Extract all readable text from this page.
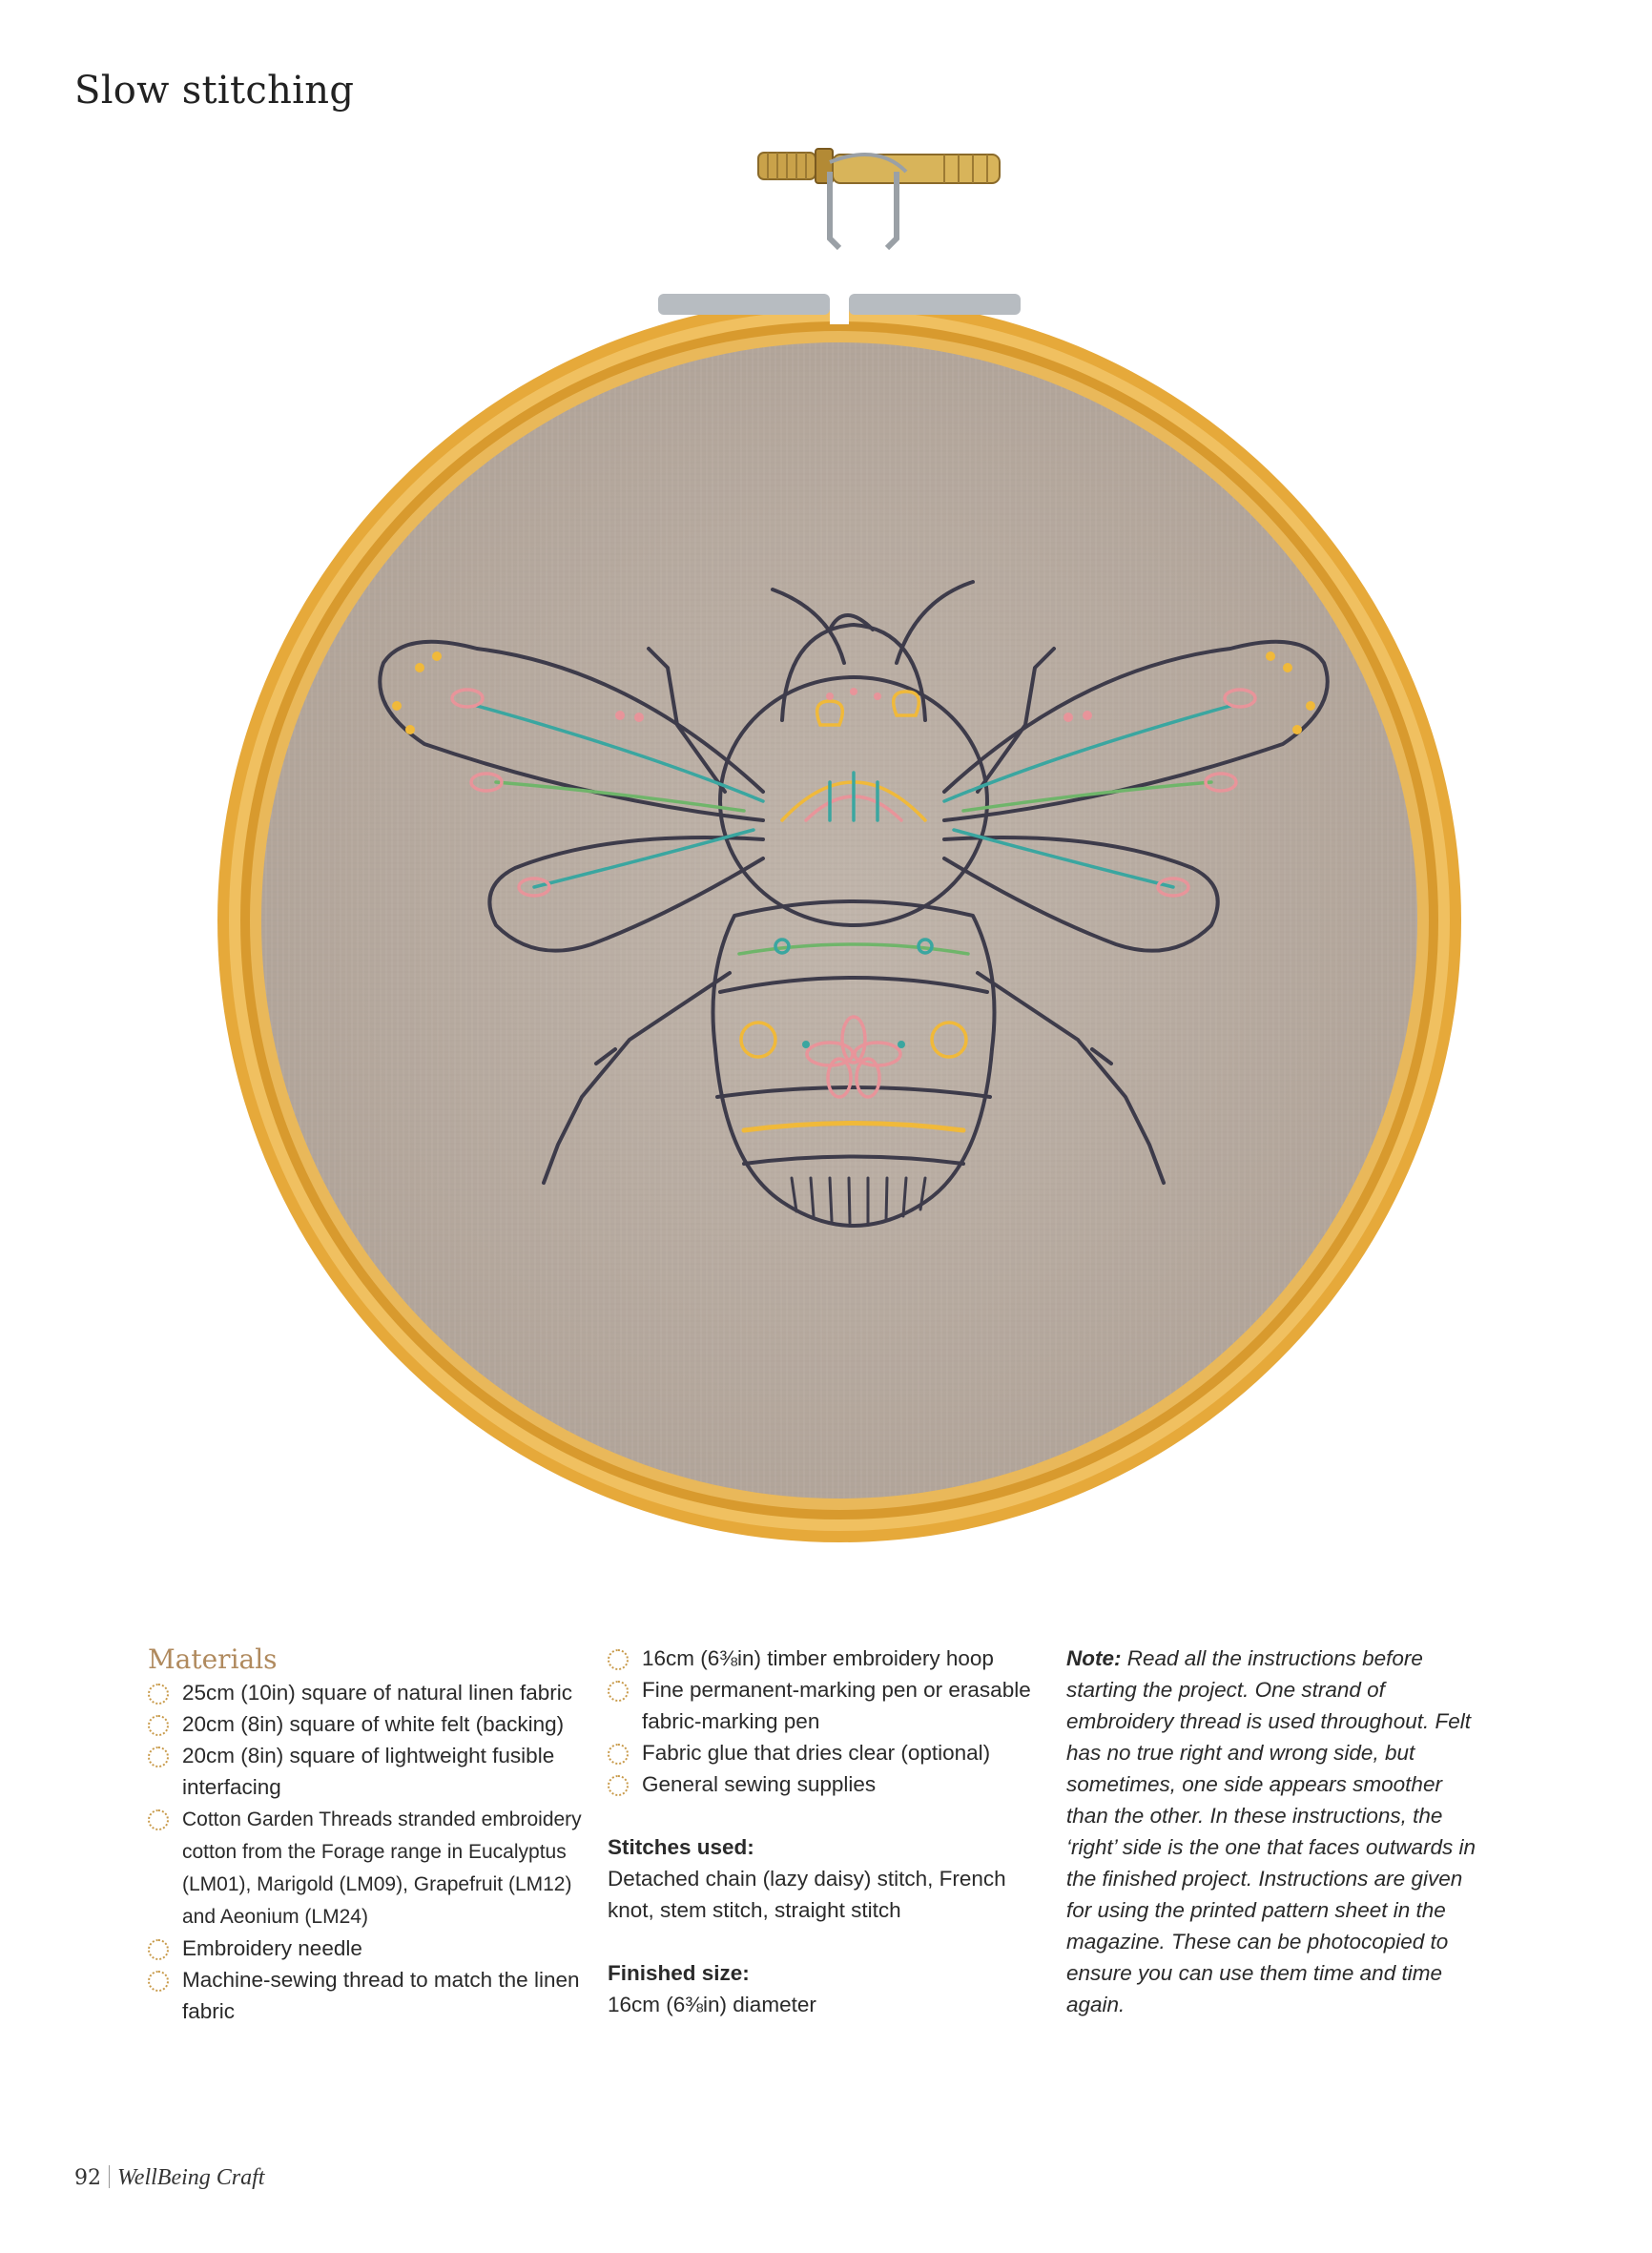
Slow stitching
Materials
25cm (10in) square of natural linen fabric
20cm (8in) square of white felt (backing)
20cm (8in) square of lightweight fusible interfacing
Cotton Garden Threads stranded embroidery cotton from the Forage range in Eucalyptus (LM01), Marigold (LM09), Grapefruit (LM12) and Aeonium (LM24)
Embroidery needle
Machine-sewing thread to match the linen fabric
16cm (6⅜in) timber embroidery hoop
Fine permanent-marking pen or erasable fabric-marking pen
Fabric glue that dries clear (optional)
General sewing supplies
Stitches used:
Detached chain (lazy daisy) stitch, French knot, stem stitch, straight stitch
Finished size:
16cm (6⅜in) diameter
Note: Read all the instructions before starting the project. One strand of embroidery thread is used throughout. Felt has no true right and wrong side, but sometimes, one side appears smoother than the other. In these instructions, the ‘right’ side is the one that faces outwards in the finished project. Instructions are given for using the printed pattern sheet in the magazine. These can be photocopied to ensure you can use them time and time again.
92 WellBeing Craft
